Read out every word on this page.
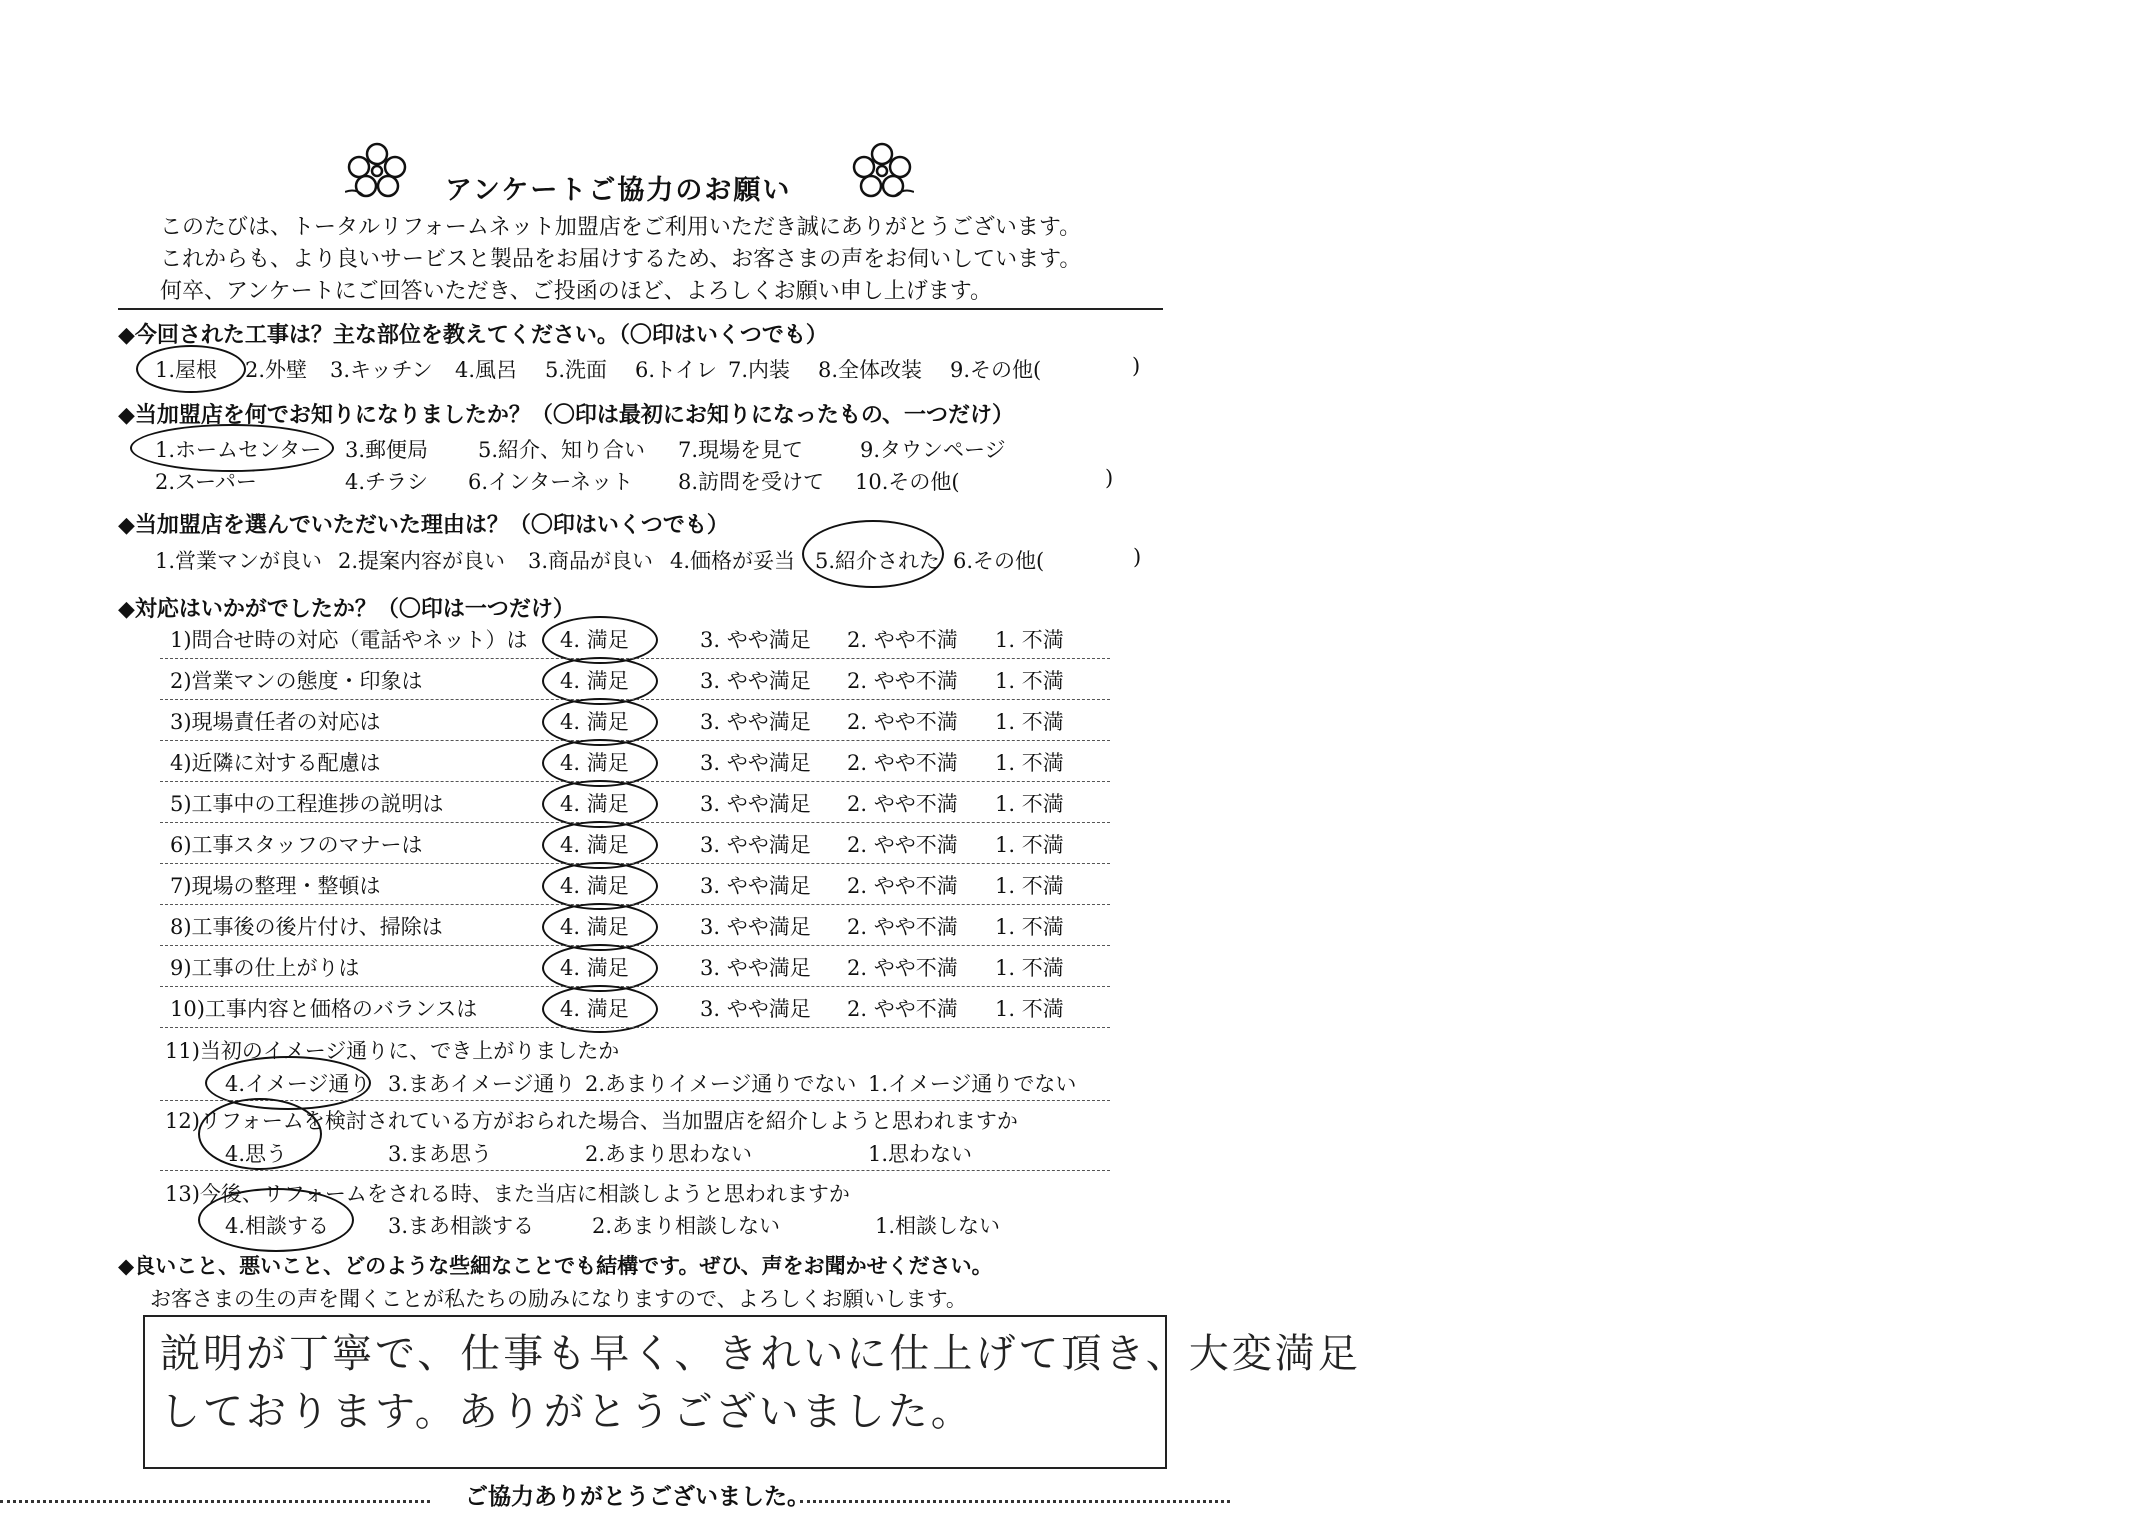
アンケートご協力のお願い
このたびは、トータルリフォームネット加盟店をご利用いただき誠にありがとうございます。
これからも、より良いサービスと製品をお届けするため、お客さまの声をお伺いしています。
何卒、アンケートにご回答いただき、ご投函のほど、よろしくお願い申し上げます。
◆今回された工事は？主な部位を教えてください。（〇印はいくつでも）
1.屋根 2.外壁 3.キッチン 4.風呂 5.洗面 6.トイレ 7.内装 8.全体改装 9.その他(	)
◆当加盟店を何でお知りになりましたか？（〇印は最初にお知りになったもの、一つだけ）
1.ホームセンター 3.郵便局 5.紹介、知り合い 7.現場を見て	9.タウンページ
2.スーパー	4.チラシ 6.インターネット 8.訪問を受けて 10.その他(	)
◆当加盟店を選んでいただいた理由は？（〇印はいくつでも）
1.営業マンが良い 2.提案内容が良い 3.商品が良い 4.価格が妥当 5.紹介された 6.その他(	)
◆対応はいかがでしたか？（〇印は一つだけ）
1)問合せ時の対応（電話やネット）は 4. 満足	3. やや満足 2. やや不満 1. 不満
2)営業マンの態度・印象は	4. 満足	3. やや満足 2. やや不満 1. 不満
3)現場責任者の対応は	4. 満足	3. やや満足 2. やや不満 1. 不満
4)近隣に対する配慮は	4. 満足	3. やや満足 2. やや不満 1. 不満
5)工事中の工程進捗の説明は	4. 満足	3. やや満足 2. やや不満 1. 不満
6)工事スタッフのマナーは	4. 満足	3. やや満足 2. やや不満 1. 不満
7)現場の整理・整頓は	4. 満足	3. やや満足 2. やや不満 1. 不満
8)工事後の後片付け、掃除は	4. 満足	3. やや満足 2. やや不満 1. 不満
9)工事の仕上がりは	4. 満足	3. やや満足 2. やや不満 1. 不満
10)工事内容と価格のバランスは	4. 満足	3. やや満足 2. やや不満 1. 不満
11)当初のイメージ通りに、でき上がりましたか
4.イメージ通り 3.まあイメージ通り 2.あまりイメージ通りでない 1.イメージ通りでない
12)リフォームを検討されている方がおられた場合、当加盟店を紹介しようと思われますか
4.思う	3.まあ思う	2.あまり思わない	1.思わない
13)今後、リフォームをされる時、また当店に相談しようと思われますか
4.相談する	3.まあ相談する	2.あまり相談しない	1.相談しない
◆良いこと、悪いこと、どのような些細なことでも結構です。ぜひ、声をお聞かせください。
お客さまの生の声を聞くことが私たちの励みになりますので、よろしくお願いします。
説明が丁寧で、仕事も早く、きれいに仕上げて頂き、大変満足
しております。ありがとうございました。
ご協力ありがとうございました。
